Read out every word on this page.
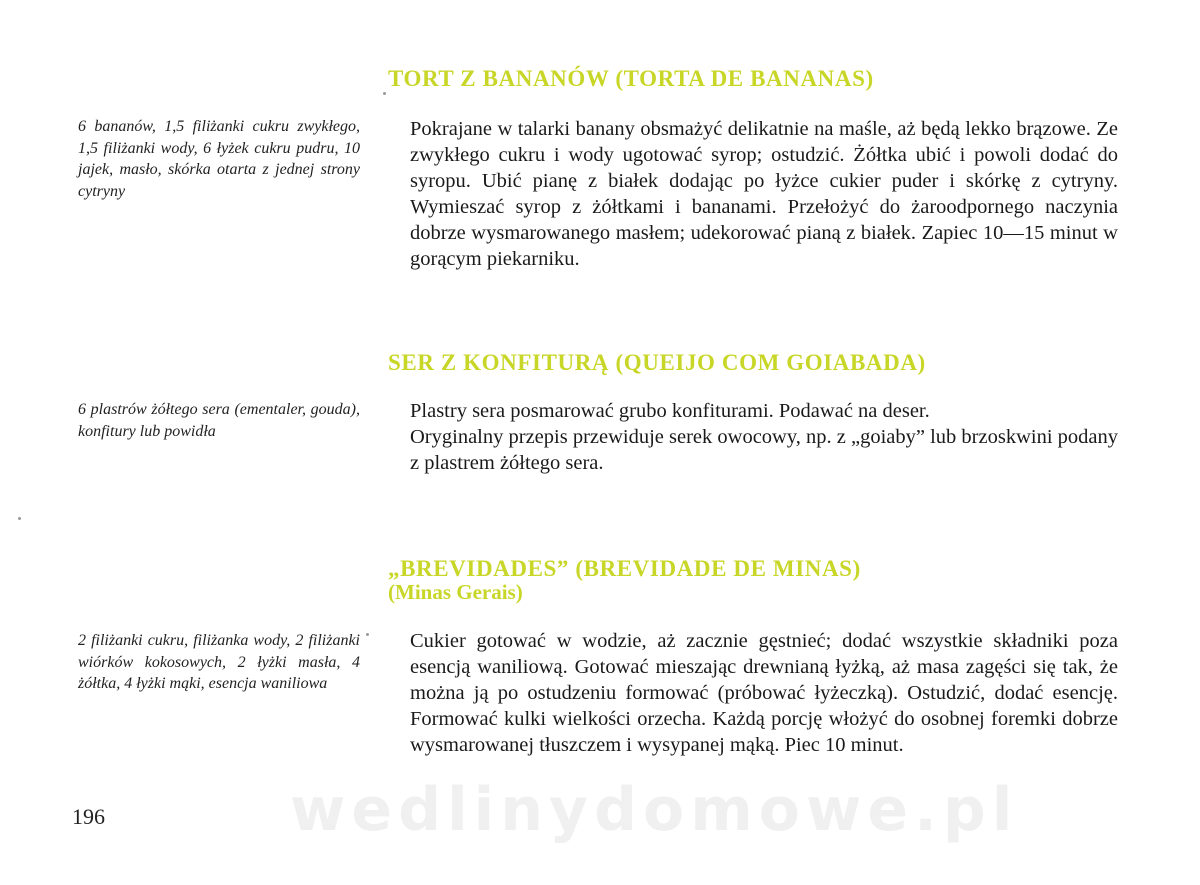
TORT Z BANANÓW (TORTA DE BANANAS)
6 bananów, 1,5 filiżanki cukru zwykłego, 1,5 filiżanki wody, 6 łyżek cukru pudru, 10 jajek, masło, skórka otarta z jednej strony cytryny

Pokrajane w talarki banany obsmażyć delikatnie na maśle, aż będą lekko brązowe. Ze zwykłego cukru i wody ugotować syrop; ostudzić. Żółtka ubić i powoli dodać do syropu. Ubić pianę z białek dodając po łyżce cukier puder i skórkę z cytryny. Wymieszać syrop z żółtkami i bananami. Przełożyć do żaroodpornego naczynia dobrze wysmarowanego masłem; udekorować pianą z białek. Zapiec 10—15 minut w gorącym piekarniku.

SER Z KONFITURĄ (QUEIJO COM GOIABADA)
6 plastrów żółtego sera (ementaler, gouda), konfitury lub powidła

Plastry sera posmarować grubo konfiturami. Podawać na deser.

Oryginalny przepis przewiduje serek owocowy, np. z „goiaby” lub brzoskwini podany z plastrem żółtego sera.

„BREVIDADES” (BREVIDADE DE MINAS)
(Minas Gerais)
2 filiżanki cukru, filiżanka wody, 2 filiżanki wiórków kokosowych, 2 łyżki masła, 4 żółtka, 4 łyżki mąki, esencja waniliowa

Cukier gotować w wodzie, aż zacznie gęstnieć; dodać wszystkie składniki poza esencją waniliową. Gotować mieszając drewnianą łyżką, aż masa zagęści się tak, że można ją po ostudzeniu formować (próbować łyżeczką). Ostudzić, dodać esencję. Formować kulki wielkości orzecha. Każdą porcję włożyć do osobnej foremki dobrze wysmarowanej tłuszczem i wysypanej mąką. Piec 10 minut.

196	wedlinydomowe.pl
